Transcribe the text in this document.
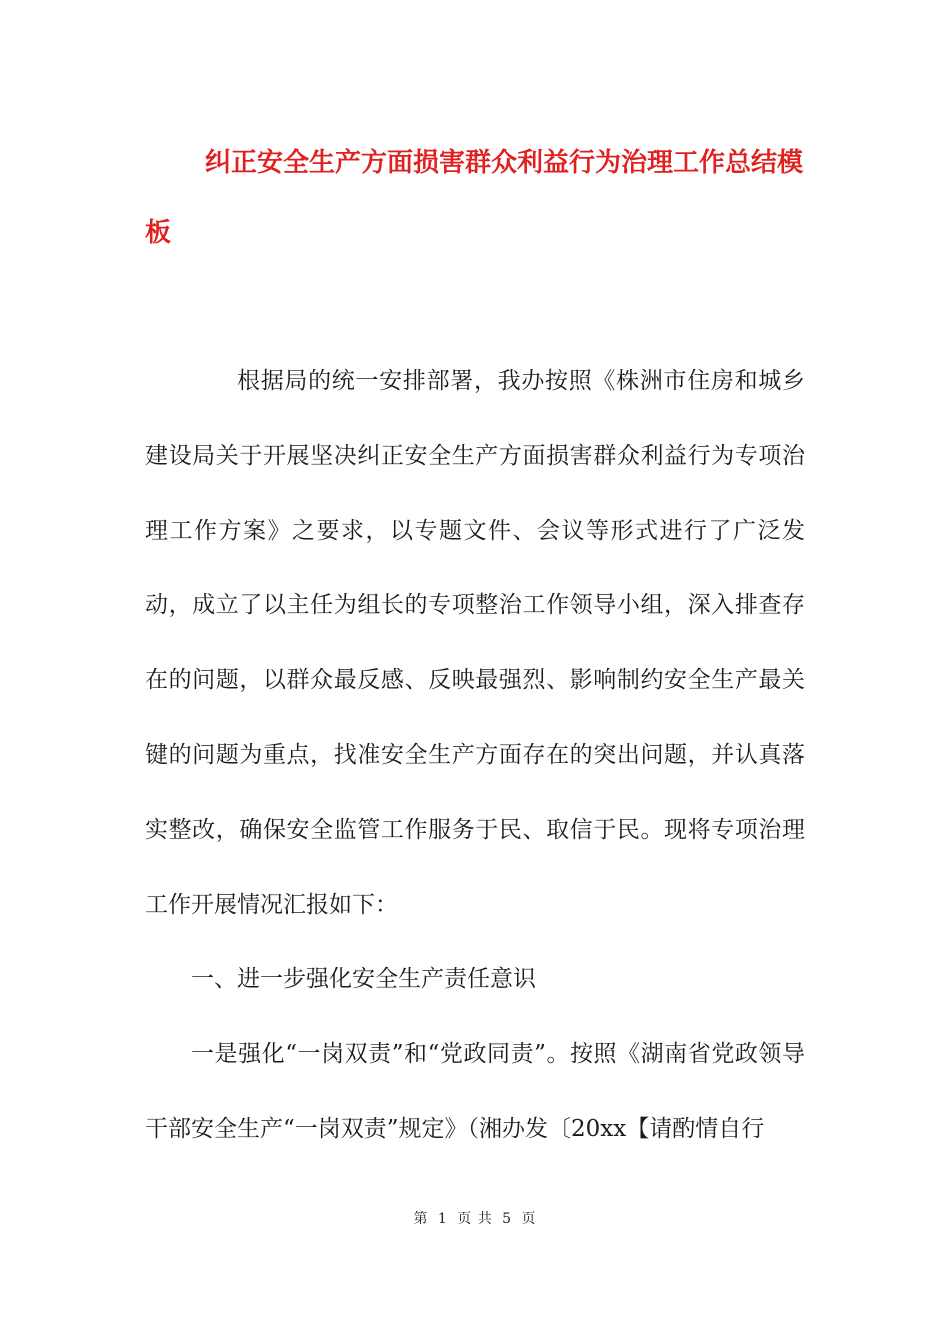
纠正安全生产方面损害群众利益行为治理工作总结模板

根据局的统一安排部署，我办按照《株洲市住房和城乡建设局关于开展坚决纠正安全生产方面损害群众利益行为专项治理工作方案》之要求，以专题文件、会议等形式进行了广泛发动，成立了以主任为组长的专项整治工作领导小组，深入排查存在的问题，以群众最反感、反映最强烈、影响制约安全生产最关键的问题为重点，找准安全生产方面存在的突出问题，并认真落实整改，确保安全监管工作服务于民、取信于民。现将专项治理工作开展情况汇报如下：

一、进一步强化安全生产责任意识

一是强化“一岗双责”和“党政同责”。按照《湖南省党政领导干部安全生产“一岗双责”规定》（湘办发〔20xx【请酌情自行

第 1 页 共 5 页
